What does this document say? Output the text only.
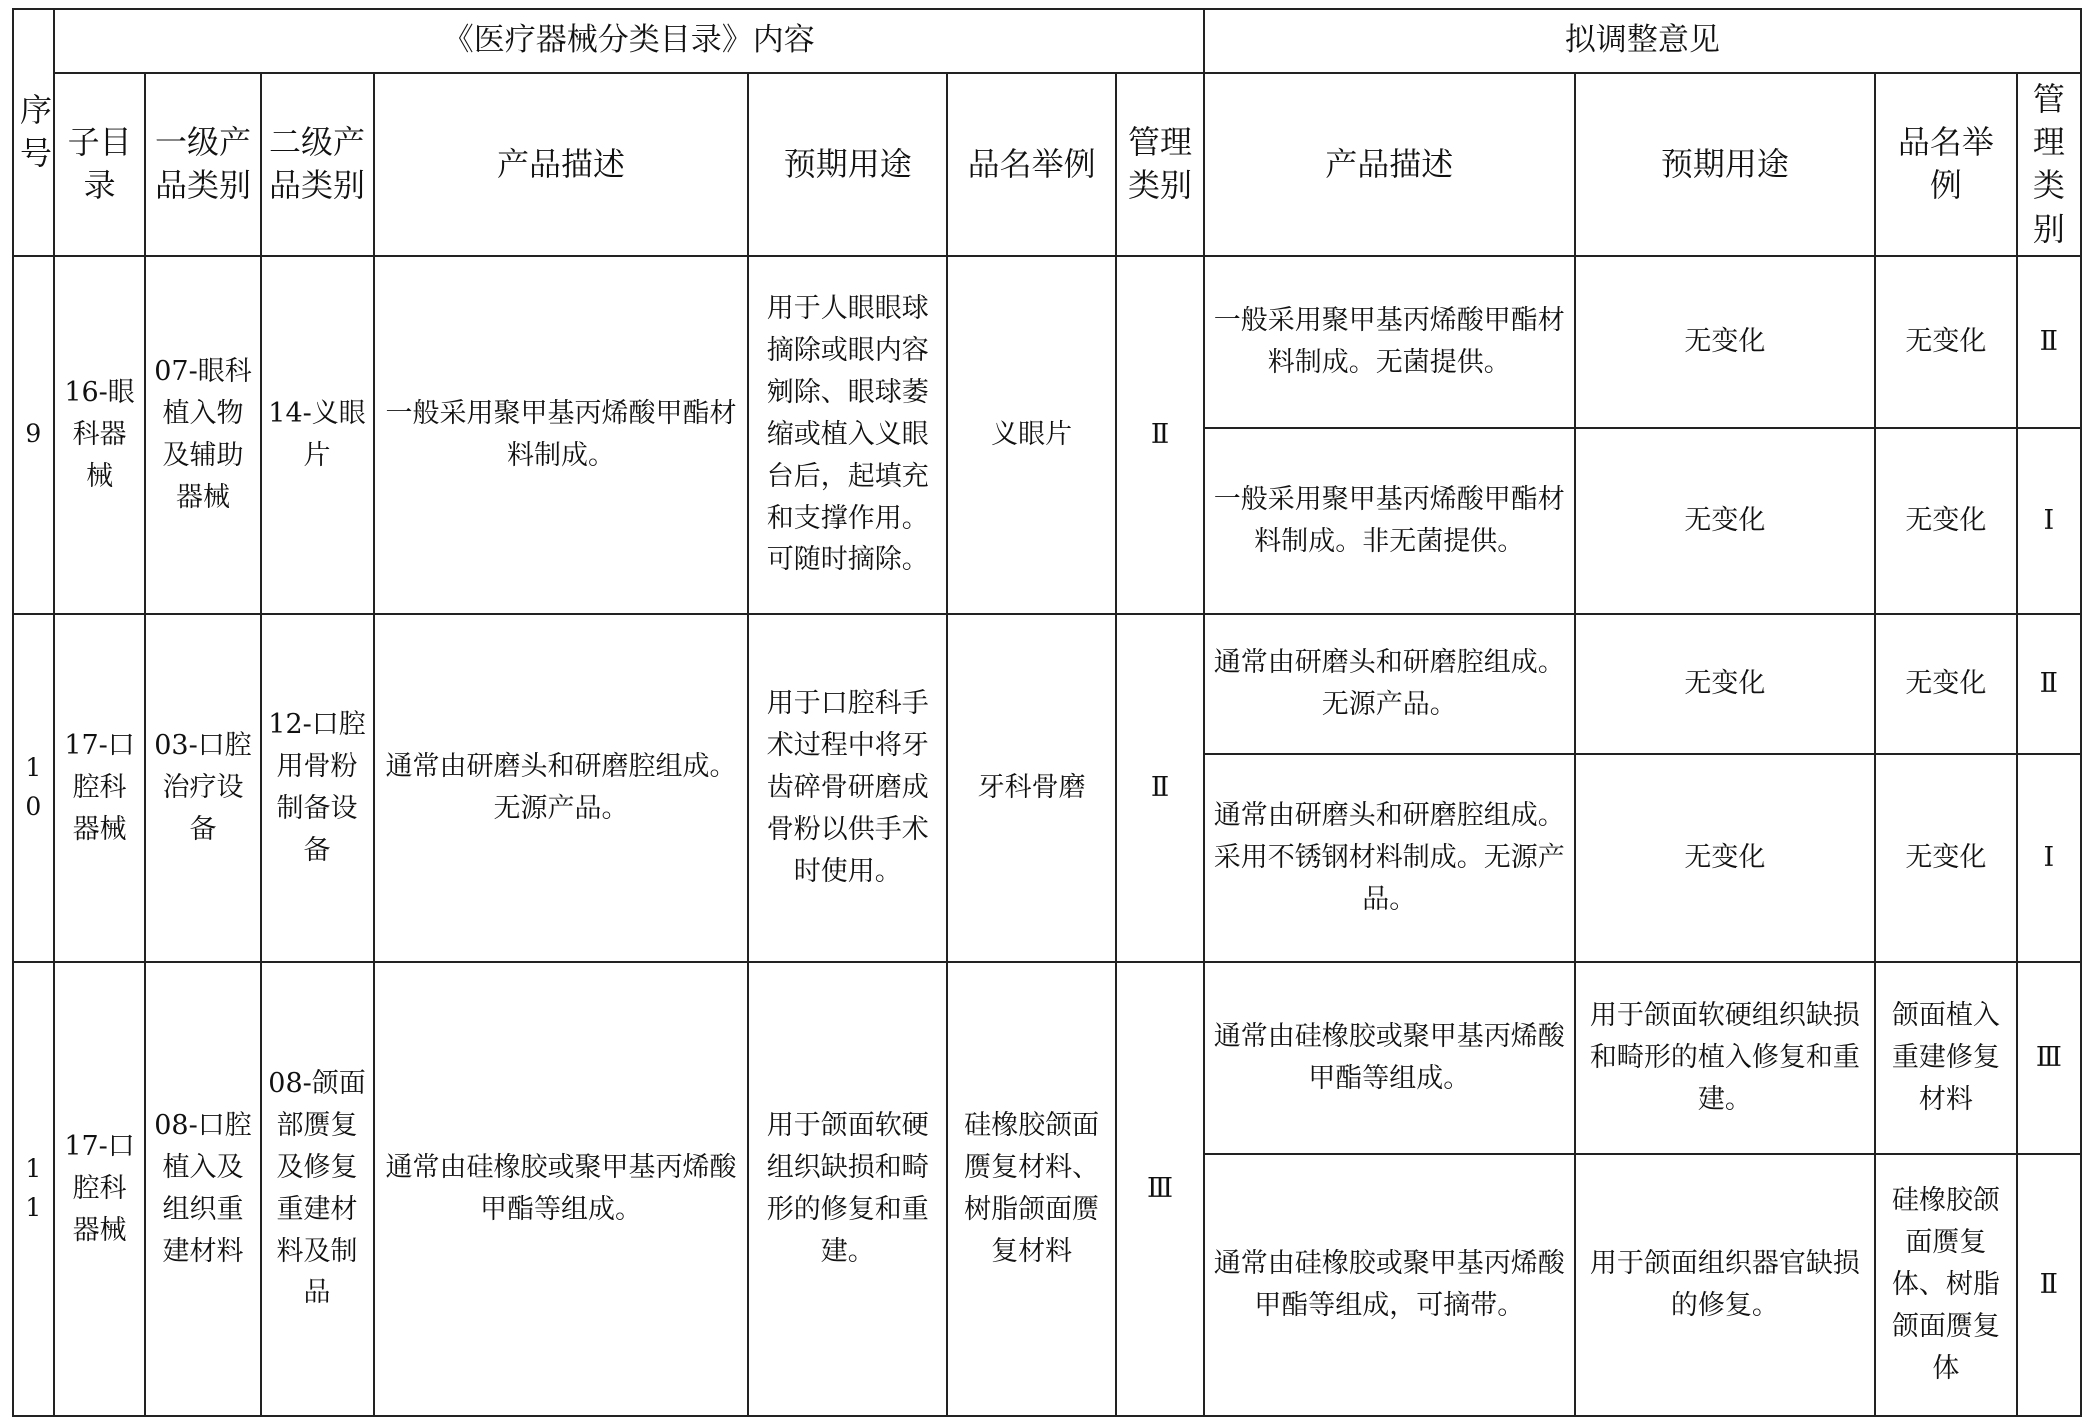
序号	《医疗器械分类目录》内容							拟调整意见			
	子目录	一级产品类别	二级产品类别	产品描述	预期用途	品名举例	管理类别	产品描述	预期用途	品名举例	管理类别
9	16-眼科器械	07-眼科植入物及辅助器械	14-义眼片	一般采用聚甲基丙烯酸甲酯材料制成。	用于人眼眼球摘除或眼内容剜除、眼球萎缩或植入义眼台后，起填充和支撑作用。可随时摘除。	义眼片	Ⅱ	一般采用聚甲基丙烯酸甲酯材料制成。无菌提供。	无变化	无变化	Ⅱ
								一般采用聚甲基丙烯酸甲酯材料制成。非无菌提供。	无变化	无变化	Ⅰ
10	17-口腔科器械	03-口腔治疗设备	12-口腔用骨粉制备设备	通常由研磨头和研磨腔组成。无源产品。	用于口腔科手术过程中将牙齿碎骨研磨成骨粉以供手术时使用。	牙科骨磨	Ⅱ	通常由研磨头和研磨腔组成。无源产品。	无变化	无变化	Ⅱ
								通常由研磨头和研磨腔组成。采用不锈钢材料制成。无源产品。	无变化	无变化	Ⅰ
11	17-口腔科器械	08-口腔植入及组织重建材料	08-颌面部赝复及修复重建材料及制品	通常由硅橡胶或聚甲基丙烯酸甲酯等组成。	用于颌面软硬组织缺损和畸形的修复和重建。	硅橡胶颌面赝复材料、树脂颌面赝复材料	Ⅲ	通常由硅橡胶或聚甲基丙烯酸甲酯等组成。	用于颌面软硬组织缺损和畸形的植入修复和重建。	颌面植入重建修复材料	Ⅲ
								通常由硅橡胶或聚甲基丙烯酸甲酯等组成，可摘带。	用于颌面组织器官缺损的修复。	硅橡胶颌面赝复体、树脂颌面赝复体	Ⅱ
